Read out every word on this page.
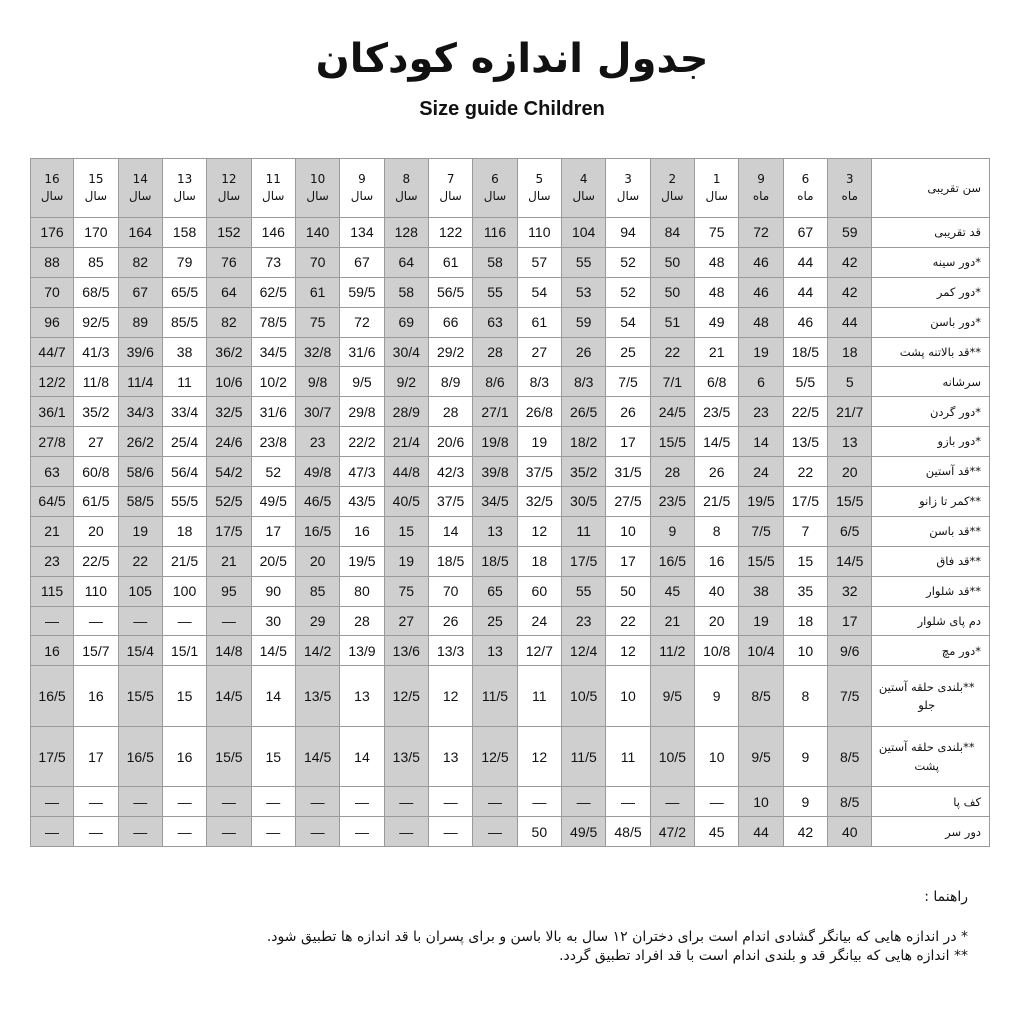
جدول اندازه کودکان
Size guide Children
سن تقریبی
3
ماه
6
ماه
9
ماه
1
سال
2
سال
3
سال
4
سال
5
سال
6
سال
7
سال
8
سال
9
سال
10
سال
11
سال
12
سال
13
سال
14
سال
15
سال
16
سال
قد تقریبی
59
67
72
75
84
94
104
110
116
122
128
134
140
146
152
158
164
170
176
*دور سینه
42
44
46
48
50
52
55
57
58
61
64
67
70
73
76
79
82
85
88
*دور کمر
42
44
46
48
50
52
53
54
55
56/5
58
59/5
61
62/5
64
65/5
67
68/5
70
*دور باسن
44
46
48
49
51
54
59
61
63
66
69
72
75
78/5
82
85/5
89
92/5
96
**قد بالاتنه پشت
18
18/5
19
21
22
25
26
27
28
29/2
30/4
31/6
32/8
34/5
36/2
38
39/6
41/3
44/7
سرشانه
5
5/5
6
6/8
7/1
7/5
8/3
8/3
8/6
8/9
9/2
9/5
9/8
10/2
10/6
11
11/4
11/8
12/2
*دور گردن
21/7
22/5
23
23/5
24/5
26
26/5
26/8
27/1
28
28/9
29/8
30/7
31/6
32/5
33/4
34/3
35/2
36/1
*دور بازو
13
13/5
14
14/5
15/5
17
18/2
19
19/8
20/6
21/4
22/2
23
23/8
24/6
25/4
26/2
27
27/8
**قد آستین
20
22
24
26
28
31/5
35/2
37/5
39/8
42/3
44/8
47/3
49/8
52
54/2
56/4
58/6
60/8
63
**کمر تا زانو
15/5
17/5
19/5
21/5
23/5
27/5
30/5
32/5
34/5
37/5
40/5
43/5
46/5
49/5
52/5
55/5
58/5
61/5
64/5
**قد باسن
6/5
7
7/5
8
9
10
11
12
13
14
15
16
16/5
17
17/5
18
19
20
21
**قد فاق
14/5
15
15/5
16
16/5
17
17/5
18
18/5
18/5
19
19/5
20
20/5
21
21/5
22
22/5
23
**قد شلوار
32
35
38
40
45
50
55
60
65
70
75
80
85
90
95
100
105
110
115
دم پای شلوار
17
18
19
20
21
22
23
24
25
26
27
28
29
30
—
—
—
—
—
*دور مچ
9/6
10
10/4
10/8
11/2
12
12/4
12/7
13
13/3
13/6
13/9
14/2
14/5
14/8
15/1
15/4
15/7
16
**بلندی حلقه آستین جلو
7/5
8
8/5
9
9/5
10
10/5
11
11/5
12
12/5
13
13/5
14
14/5
15
15/5
16
16/5
**بلندی حلقه آستین پشت
8/5
9
9/5
10
10/5
11
11/5
12
12/5
13
13/5
14
14/5
15
15/5
16
16/5
17
17/5
کف پا
8/5
9
10
—
—
—
—
—
—
—
—
—
—
—
—
—
—
—
—
دور سر
40
42
44
45
47/2
48/5
49/5
50
—
—
—
—
—
—
—
—
—
—
—
راهنما :
* در اندازه هایی که بیانگر گشادی اندام است برای دختران ۱۲ سال به بالا باسن و برای پسران با قد اندازه ها تطبیق شود.
** اندازه هایی که بیانگر قد و بلندی اندام است با قد افراد تطبیق گردد.
